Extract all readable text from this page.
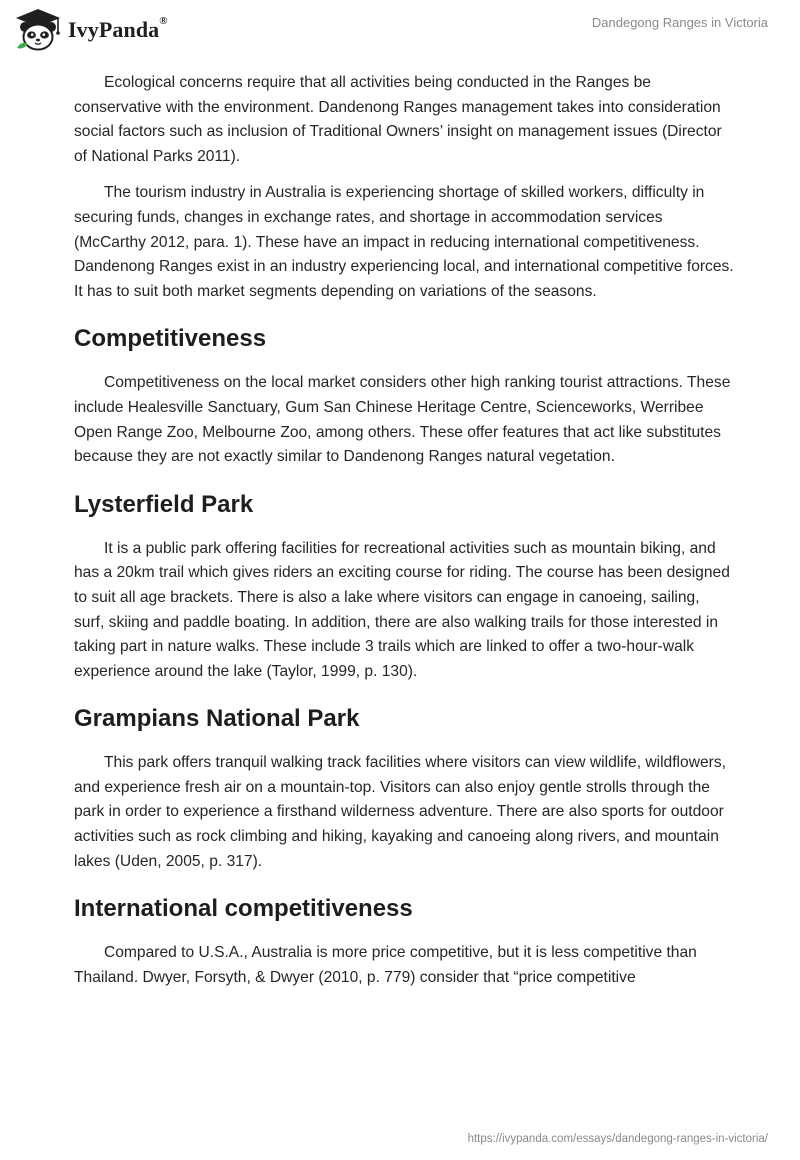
IvyPanda®	Dandegong Ranges in Victoria

Ecological concerns require that all activities being conducted in the Ranges be conservative with the environment. Dandenong Ranges management takes into consideration social factors such as inclusion of Traditional Owners’ insight on management issues (Director of National Parks 2011).

The tourism industry in Australia is experiencing shortage of skilled workers, difficulty in securing funds, changes in exchange rates, and shortage in accommodation services (McCarthy 2012, para. 1). These have an impact in reducing international competitiveness. Dandenong Ranges exist in an industry experiencing local, and international competitive forces. It has to suit both market segments depending on variations of the seasons.

Competitiveness

Competitiveness on the local market considers other high ranking tourist attractions. These include Healesville Sanctuary, Gum San Chinese Heritage Centre, Scienceworks, Werribee Open Range Zoo, Melbourne Zoo, among others. These offer features that act like substitutes because they are not exactly similar to Dandenong Ranges natural vegetation.

Lysterfield Park

It is a public park offering facilities for recreational activities such as mountain biking, and has a 20km trail which gives riders an exciting course for riding. The course has been designed to suit all age brackets. There is also a lake where visitors can engage in canoeing, sailing, surf, skiing and paddle boating. In addition, there are also walking trails for those interested in taking part in nature walks. These include 3 trails which are linked to offer a two-hour-walk experience around the lake (Taylor, 1999, p. 130).

Grampians National Park

This park offers tranquil walking track facilities where visitors can view wildlife, wildflowers, and experience fresh air on a mountain-top. Visitors can also enjoy gentle strolls through the park in order to experience a firsthand wilderness adventure. There are also sports for outdoor activities such as rock climbing and hiking, kayaking and canoeing along rivers, and mountain lakes (Uden, 2005, p. 317).

International competitiveness

Compared to U.S.A., Australia is more price competitive, but it is less competitive than Thailand. Dwyer, Forsyth, & Dwyer (2010, p. 779) consider that “price competitive

https://ivypanda.com/essays/dandegong-ranges-in-victoria/
